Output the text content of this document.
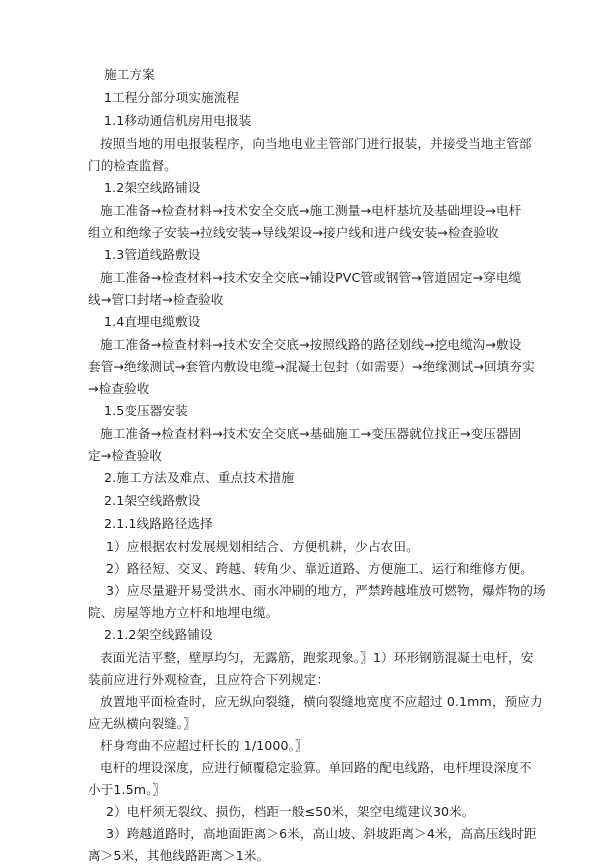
施工方案
1工程分部分项实施流程
1.1移动通信机房用电报装
按照当地的用电报装程序，向当地电业主管部门进行报装，并接受当地主管部
门的检查监督。
1.2架空线路铺设
施工准备→检查材料→技术安全交底→施工测量→电杆基坑及基础埋设→电杆
组立和绝缘子安装→拉线安装→导线架设→接户线和进户线安装→检查验收
1.3管道线路敷设
施工准备→检查材料→技术安全交底→铺设PVC管或钢管→管道固定→穿电缆
线→管口封堵→检查验收
1.4直埋电缆敷设
施工准备→检查材料→技术安全交底→按照线路的路径划线→挖电缆沟→敷设
套管→绝缘测试→套管内敷设电缆→混凝土包封（如需要）→绝缘测试→回填夯实
→检查验收
1.5变压器安装
施工准备→检查材料→技术安全交底→基础施工→变压器就位找正→变压器固
定→检查验收
2.施工方法及难点、重点技术措施
2.1架空线路敷设
2.1.1线路路径选择
1）应根据农村发展规划相结合、方便机耕，少占农田。
2）路径短、交叉、跨越、转角少、靠近道路、方便施工、运行和维修方便。
3）应尽量避开易受洪水、雨水冲刷的地方，严禁跨越堆放可燃物，爆炸物的场
院、房屋等地方立杆和地埋电缆。
2.1.2架空线路铺设
表面光洁平整，壁厚均匀，无露筋，跑浆现象。〗1）环形钢筋混凝土电杆，安
装前应进行外观检查，且应符合下列规定：
放置地平面检查时，应无纵向裂缝，横向裂缝地宽度不应超过 0.1mm，预应力
应无纵横向裂缝。〗
杆身弯曲不应超过杆长的 1/1000。〗
电杆的埋设深度，应进行倾覆稳定验算。单回路的配电线路，电杆埋设深度不
小于1.5m。〗
2）电杆须无裂纹、损伤，档距一般≤50米，架空电缆建议30米。
3）跨越道路时，高地面距离＞6米，高山坡、斜坡距离＞4米，高高压线时距
离＞5米，其他线路距离＞1米。
